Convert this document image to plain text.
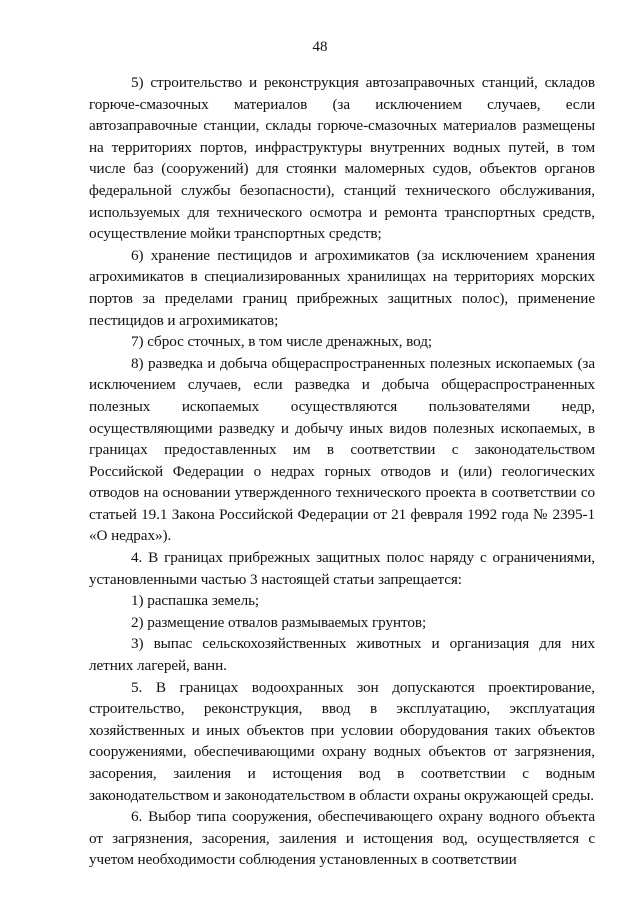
48

5) строительство и реконструкция автозаправочных станций, складов горюче-смазочных материалов (за исключением случаев, если автозаправочные станции, склады горюче-смазочных материалов размещены на территориях портов, инфраструктуры внутренних водных путей, в том числе баз (сооружений) для стоянки маломерных судов, объектов органов федеральной службы безопасности), станций технического обслуживания, используемых для технического осмотра и ремонта транспортных средств, осуществление мойки транспортных средств;

6) хранение пестицидов и агрохимикатов (за исключением хранения агрохимикатов в специализированных хранилищах на территориях морских портов за пределами границ прибрежных защитных полос), применение пестицидов и агрохимикатов;

7) сброс сточных, в том числе дренажных, вод;

8) разведка и добыча общераспространенных полезных ископаемых (за исключением случаев, если разведка и добыча общераспространенных полезных ископаемых осуществляются пользователями недр, осуществляющими разведку и добычу иных видов полезных ископаемых, в границах предоставленных им в соответствии с законодательством Российской Федерации о недрах горных отводов и (или) геологических отводов на основании утвержденного технического проекта в соответствии со статьей 19.1 Закона Российской Федерации от 21 февраля 1992 года № 2395-1 «О недрах»).

4. В границах прибрежных защитных полос наряду с ограничениями, установленными частью 3 настоящей статьи запрещается:

1) распашка земель;

2) размещение отвалов размываемых грунтов;

3) выпас сельскохозяйственных животных и организация для них летних лагерей, ванн.

5. В границах водоохранных зон допускаются проектирование, строительство, реконструкция, ввод в эксплуатацию, эксплуатация хозяйственных и иных объектов при условии оборудования таких объектов сооружениями, обеспечивающими охрану водных объектов от загрязнения, засорения, заиления и истощения вод в соответствии с водным законодательством и законодательством в области охраны окружающей среды.

6. Выбор типа сооружения, обеспечивающего охрану водного объекта от загрязнения, засорения, заиления и истощения вод, осуществляется с учетом необходимости соблюдения установленных в соответствии
